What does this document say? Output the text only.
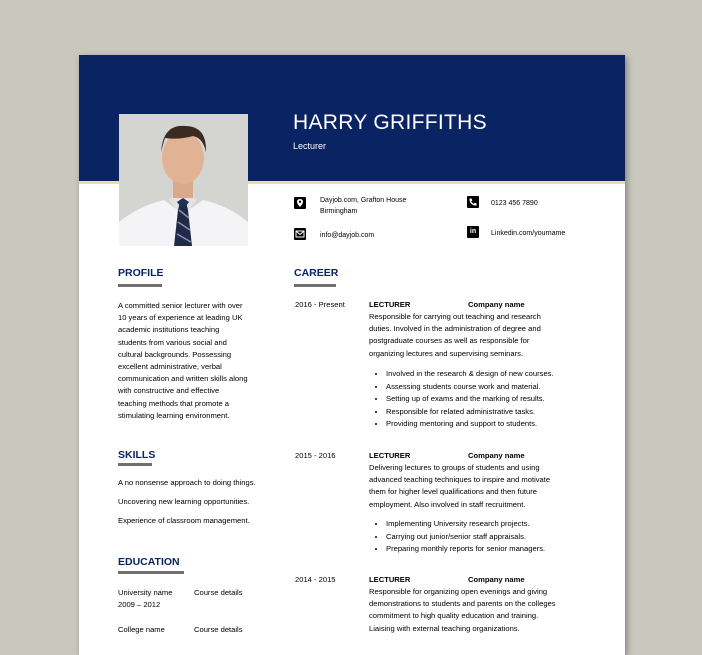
HARRY GRIFFITHS
Lecturer
Dayjob.com, Grafton House
Birmingham
0123 456 7890
info@dayjob.com
in	Linkedin.com/yourname
PROFILE
A committed senior lecturer with over
10 years of experience at leading UK
academic institutions teaching
students from various social and
cultural backgrounds. Possessing
excellent administrative, verbal
communication and written skills along
with constructive and effective
teaching methods that promote a
stimulating learning environment.
SKILLS
A no nonsense approach to doing things.
Uncovering new learning opportunities.
Experience of classroom management.
EDUCATION
University name	Course details
2009 – 2012
College name	Course details
CAREER
2016 - Present	LECTURER	Company name
Responsible for carrying out teaching and research
duties. Involved in the administration of degree and
postgraduate courses as well as responsible for
organizing lectures and supervising seminars.
• Involved in the research & design of new courses.
• Assessing students course work and material.
• Setting up of exams and the marking of results.
• Responsible for related administrative tasks.
• Providing mentoring and support to students.
2015 - 2016	LECTURER	Company name
Delivering lectures to groups of students and using
advanced teaching techniques to inspire and motivate
them for higher level qualifications and then future
employment. Also involved in staff recruitment.
• Implementing University research projects.
• Carrying out junior/senior staff appraisals.
• Preparing monthly reports for senior managers.
2014 - 2015	LECTURER	Company name
Responsible for organizing open evenings and giving
demonstrations to students and parents on the colleges
commitment to high quality education and training.
Liaising with external teaching organizations.
